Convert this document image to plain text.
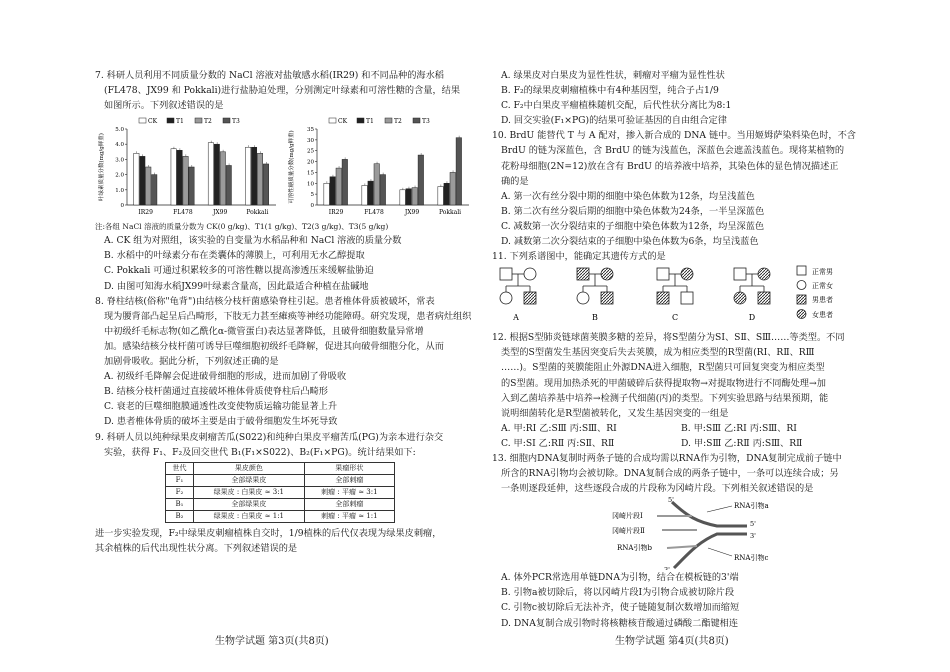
7. 科研人员利用不同质量分数的 NaCl 溶液对盐敏感水稻(IR29) 和不同品种的海水稻
(FL478、JX99 和 Pokkali)进行盐胁迫处理，分别测定叶绿素和可溶性糖的含量，结果
如图所示。下列叙述错误的是
0
1.0
2.0
3.0
4.0
5.0
叶绿素质量分数(mg/g鲜重)
IR29	FL478	JX99	Pokkali
CK	T1	T2	T3
0
5
10
15
20
25
30
35
可溶性糖质量分数(mg/g鲜重)
IR29	FL478	JX99	Pokkali
CK	T1	T2	T3
注:各组 NaCl 溶液的质量分数为 CK(0 g/kg)、T1(1 g/kg)、T2(3 g/kg)、T3(5 g/kg)
A. CK 组为对照组，该实验的自变量为水稻品种和 NaCl 溶液的质量分数
B. 水稻中的叶绿素分布在类囊体的薄膜上，可利用无水乙醇提取
C. Pokkali 可通过积累较多的可溶性糖以提高渗透压来缓解盐胁迫
D. 由图可知海水稻JX99叶绿素含量高，因此最适合种植在盐碱地
8. 脊柱结核(俗称"龟背")由结核分枝杆菌感染脊柱引起。患者椎体骨质被破坏，常表
现为腰背部凸起呈后凸畸形，下肢无力甚至瘫痪等神经功能障碍。研究发现，患者病灶组织
中初级纤毛标志物(如乙酰化α-微管蛋白)表达显著降低，且破骨细胞数量异常增
加。感染结核分枝杆菌可诱导巨噬细胞初级纤毛降解，促进其向破骨细胞分化，从而
加剧骨吸收。据此分析，下列叙述正确的是
A. 初级纤毛降解会促进破骨细胞的形成，进而加剧了骨吸收
B. 结核分枝杆菌通过直接破坏椎体骨质使脊柱后凸畸形
C. 衰老的巨噬细胞膜通透性改变使物质运输功能显著上升
D. 患者椎体骨质的破坏主要是由于破骨细胞发生坏死导致
9. 科研人员以纯种绿果皮刺瘤苦瓜(S022)和纯种白果皮平瘤苦瓜(PG)为亲本进行杂交
实验，获得 F₁、F₂及回交世代 B₁(F₁×S022)、B₂(F₁×PG)。统计结果如下:
世代	果皮颜色	果瘤形状
F₁	全部绿果皮	全部刺瘤
F₂	绿果皮 : 白果皮 ≈ 3:1	刺瘤 : 平瘤 ≈ 3:1
B₁	全部绿果皮	全部刺瘤
B₂	绿果皮 : 白果皮 ≈ 1:1	刺瘤 : 平瘤 ≈ 1:1
进一步实验发现，F₂中绿果皮刺瘤植株自交时，1/9植株的后代仅表现为绿果皮刺瘤，
其余植株的后代出现性状分离。下列叙述错误的是
生物学试题 第3页(共8页)
A. 绿果皮对白果皮为显性性状，刺瘤对平瘤为显性性状
B. F₂的绿果皮刺瘤植株中有4种基因型，纯合子占1/9
C. F₂中白果皮平瘤植株随机交配，后代性状分离比为8:1
D. 回交实验(F₁×PG)的结果可验证基因的自由组合定律
10. BrdU 能替代 T 与 A 配对，掺入新合成的 DNA 链中。当用姬姆萨染料染色时，不含
BrdU 的链为深蓝色，含 BrdU 的链为浅蓝色，深蓝色会遮盖浅蓝色。现将某植物的
花粉母细胞(2N=12)放在含有 BrdU 的培养液中培养，其染色体的显色情况描述正
确的是
A. 第一次有丝分裂中期的细胞中染色体数为12条，均呈浅蓝色
B. 第二次有丝分裂后期的细胞中染色体数为24条，一半呈深蓝色
C. 减数第一次分裂结束的子细胞中染色体数为12条，均呈深蓝色
D. 减数第二次分裂结束的子细胞中染色体数为6条，均呈浅蓝色
11. 下列系谱图中，能确定其遗传方式的是
A	B	C	D
正常男
正常女
男患者
女患者
12. 根据S型肺炎链球菌荚膜多糖的差异，将S型菌分为SⅠ、SⅡ、SⅢ……等类型。不同
类型的S型菌发生基因突变后失去荚膜，成为相应类型的R型菌(RⅠ、RⅡ、RⅢ
……)。S型菌的荚膜能阻止外源DNA进入细胞，R型菌只可回复突变为相应类型
的S型菌。现用加热杀死的甲菌破碎后获得提取物→对提取物进行不同酶处理→加
入到乙菌培养基中培养→检测子代细菌(丙)的类型。下列实验思路与结果预期，能
说明细菌转化是R型菌被转化，又发生基因突变的一组是
A. 甲:RⅠ 乙:SⅢ 丙:SⅢ、RⅠ	B. 甲:SⅢ 乙:RⅠ 丙:SⅢ、RⅠ
C. 甲:SⅠ 乙:RⅡ 丙:SⅡ、RⅡ	D. 甲:SⅢ 乙:RⅡ 丙:SⅢ、RⅡ
13. 细胞内DNA复制时两条子链的合成均需以RNA作为引物，DNA复制完成前子链中
所含的RNA引物均会被切除。DNA复制合成的两条子链中，一条可以连续合成；另
一条则逐段延伸，这些逐段合成的片段称为冈崎片段。下列相关叙述错误的是
5'
3'
5'
3'
冈崎片段Ⅰ
冈崎片段Ⅱ
RNA引物b
RNA引物a
RNA引物c
A. 体外PCR常选用单链DNA为引物，结合在模板链的3'端
B. 引物a被切除后，将以冈崎片段Ⅰ为引物合成被切除片段
C. 引物c被切除后无法补齐，使子链随复制次数增加而缩短
D. DNA复制合成引物时将核糖核苷酸通过磷酸二酯键相连
生物学试题 第4页(共8页)
